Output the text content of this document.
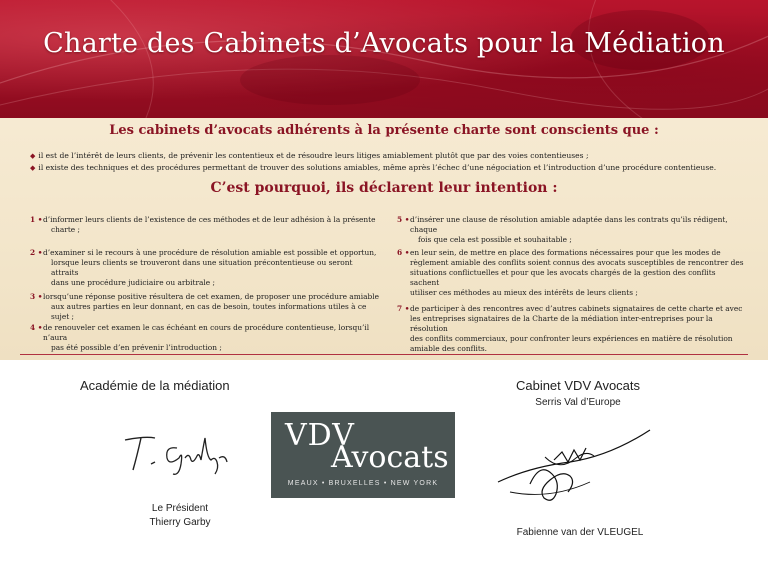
Charte des Cabinets d’Avocats pour la Médiation
Les cabinets d’avocats adhérents à la présente charte sont conscients que :
◆ il est de l’intérêt de leurs clients, de prévenir les contentieux et de résoudre leurs litiges amiablement plutôt que par des voies contentieuses ;
◆ il existe des techniques et des procédures permettant de trouver des solutions amiables, même après l’échec d’une négociation et l’introduction d’une procédure contentieuse.
C’est pourquoi, ils déclarent leur intention :
1 • d’informer leurs clients de l’existence de ces méthodes et de leur adhésion à la présente
charte ;
2 • d’examiner si le recours à une procédure de résolution amiable est possible et opportun,
lorsque leurs clients se trouveront dans une situation précontentieuse ou seront attraits
dans une procédure judiciaire ou arbitrale ;
3 • lorsqu’une réponse positive résultera de cet examen, de proposer une procédure amiable
aux autres parties en leur donnant, en cas de besoin, toutes informations utiles à ce sujet ;
4 • de renouveler cet examen le cas échéant en cours de procédure contentieuse, lorsqu’il n’aura
pas été possible d’en prévenir l’introduction ;
5 • d’insérer une clause de résolution amiable adaptée dans les contrats qu’ils rédigent, chaque
fois que cela est possible et souhaitable ;
6 • en leur sein, de mettre en place des formations nécessaires pour que les modes de
règlement amiable des conflits soient connus des avocats susceptibles de rencontrer des
situations conflictuelles et pour que les avocats chargés de la gestion des conflits sachent
utiliser ces méthodes au mieux des intérêts de leurs clients ;
7 • de participer à des rencontres avec d’autres cabinets signataires de cette charte et avec
les entreprises signataires de la Charte de la médiation inter-entreprises pour la résolution
des conflits commerciaux, pour confronter leurs expériences en matière de résolution
amiable des conflits.
Académie de la médiation	Cabinet VDV Avocats
Serris Val d’Europe
Le Président
Thierry Garby
VDV
Avocats
MEAUX • BRUXELLES • NEW YORK
Fabienne van der VLEUGEL
